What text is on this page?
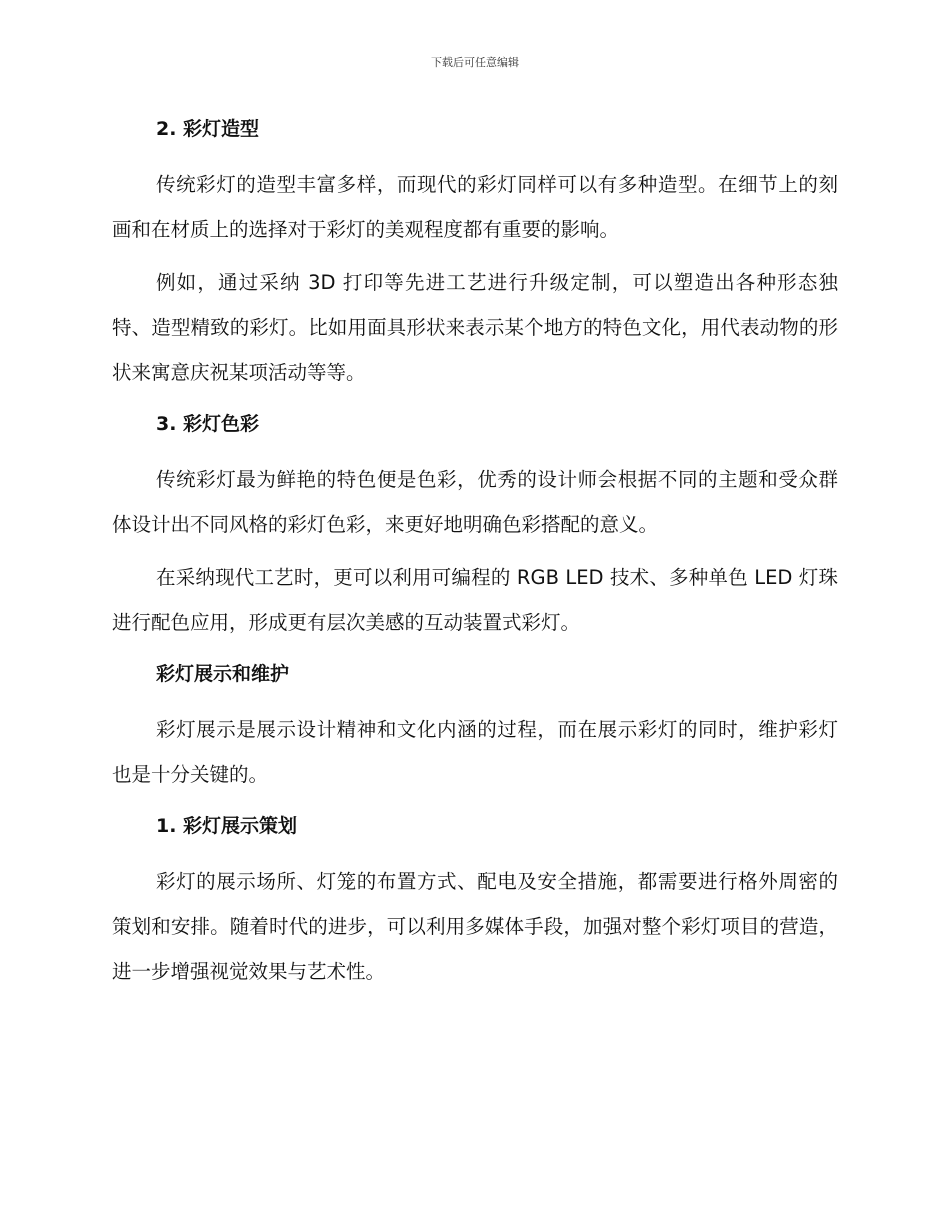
下载后可任意编辑
2. 彩灯造型

传统彩灯的造型丰富多样，而现代的彩灯同样可以有多种造型。在细节上的刻画和在材质上的选择对于彩灯的美观程度都有重要的影响。

例如，通过采纳 3D 打印等先进工艺进行升级定制，可以塑造出各种形态独特、造型精致的彩灯。比如用面具形状来表示某个地方的特色文化，用代表动物的形状来寓意庆祝某项活动等等。

3. 彩灯色彩

传统彩灯最为鲜艳的特色便是色彩，优秀的设计师会根据不同的主题和受众群体设计出不同风格的彩灯色彩，来更好地明确色彩搭配的意义。

在采纳现代工艺时，更可以利用可编程的 RGB LED 技术、多种单色 LED 灯珠进行配色应用，形成更有层次美感的互动装置式彩灯。

彩灯展示和维护

彩灯展示是展示设计精神和文化内涵的过程，而在展示彩灯的同时，维护彩灯也是十分关键的。

1. 彩灯展示策划

彩灯的展示场所、灯笼的布置方式、配电及安全措施，都需要进行格外周密的策划和安排。随着时代的进步，可以利用多媒体手段，加强对整个彩灯项目的营造，进一步增强视觉效果与艺术性。
